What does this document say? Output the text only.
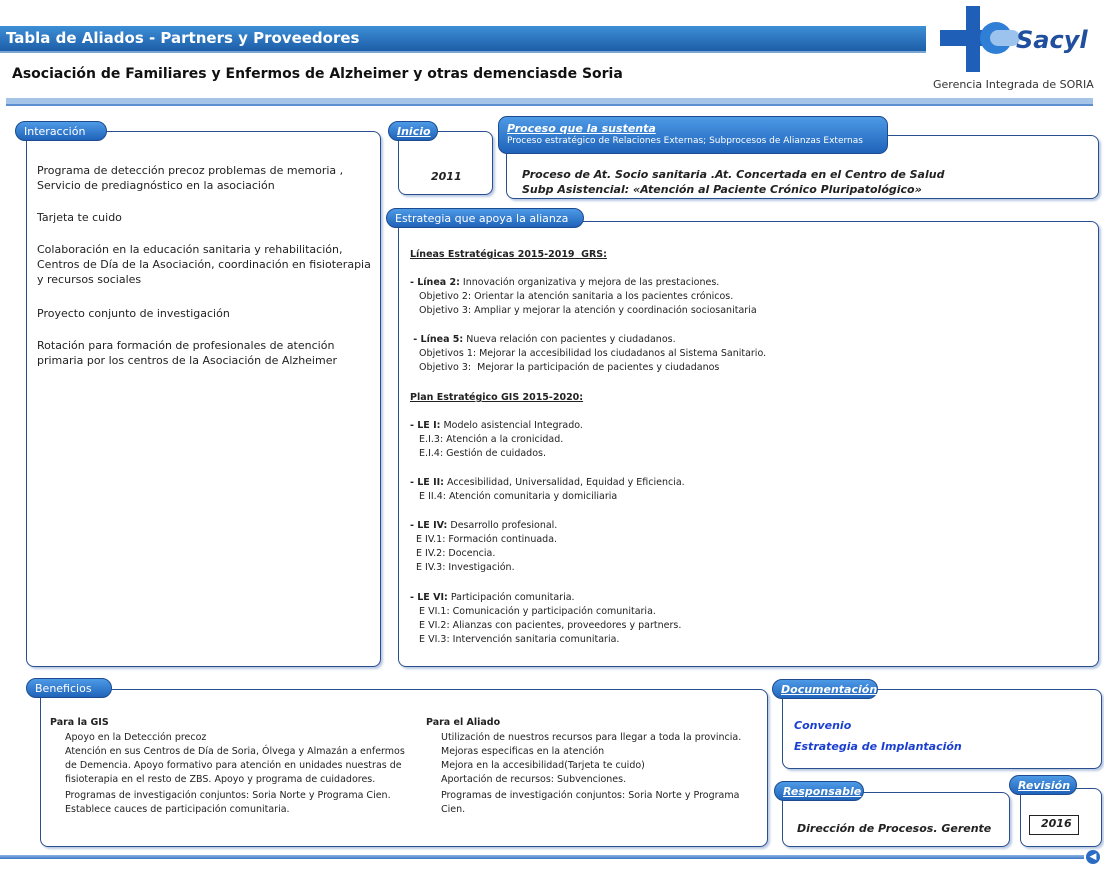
Tabla de Aliados - Partners y Proveedores
Asociación de Familiares y Enfermos de Alzheimer y otras demenciasde Soria
Sacyl
Gerencia Integrada de SORIA
Interacción
Programa de detección precoz problemas de memoria ,
Servicio de prediagnóstico en la asociación
Tarjeta te cuido
Colaboración en la educación sanitaria y rehabilitación,
Centros de Día de la Asociación, coordinación en fisioterapia
y recursos sociales
Proyecto conjunto de investigación
Rotación para formación de profesionales de atención
primaria por los centros de la Asociación de Alzheimer
Inicio
2011
Proceso que la sustenta
Proceso estratégico de Relaciones Externas; Subprocesos de Alianzas Externas
Proceso de At. Socio sanitaria .At. Concertada en el Centro de Salud
Subp Asistencial: «Atención al Paciente Crónico Pluripatológico»
Estrategia que apoya la alianza
Líneas Estratégicas 2015-2019  GRS:
- Línea 2: Innovación organizativa y mejora de las prestaciones.
Objetivo 2: Orientar la atención sanitaria a los pacientes crónicos.
Objetivo 3: Ampliar y mejorar la atención y coordinación sociosanitaria
- Línea 5: Nueva relación con pacientes y ciudadanos.
Objetivos 1: Mejorar la accesibilidad los ciudadanos al Sistema Sanitario.
Objetivo 3:  Mejorar la participación de pacientes y ciudadanos
Plan Estratégico GIS 2015-2020:
- LE I: Modelo asistencial Integrado.
E.I.3: Atención a la cronicidad.
E.I.4: Gestión de cuidados.
- LE II: Accesibilidad, Universalidad, Equidad y Eficiencia.
E II.4: Atención comunitaria y domiciliaria
- LE IV: Desarrollo profesional.
E IV.1: Formación continuada.
E IV.2: Docencia.
E IV.3: Investigación.
- LE VI: Participación comunitaria.
E VI.1: Comunicación y participación comunitaria.
E VI.2: Alianzas con pacientes, proveedores y partners.
E VI.3: Intervención sanitaria comunitaria.
Beneficios
Para la GIS
Apoyo en la Detección precoz
Atención en sus Centros de Día de Soria, Ólvega y Almazán a enfermos
de Demencia. Apoyo formativo para atención en unidades nuestras de
fisioterapia en el resto de ZBS. Apoyo y programa de cuidadores.
Programas de investigación conjuntos: Soria Norte y Programa Cien.
Establece cauces de participación comunitaria.
Para el Aliado
Utilización de nuestros recursos para llegar a toda la provincia.
Mejoras especificas en la atención
Mejora en la accesibilidad(Tarjeta te cuido)
Aportación de recursos: Subvenciones.
Programas de investigación conjuntos: Soria Norte y Programa
Cien.
Documentación
Convenio
Estrategia de Implantación
Responsable
Dirección de Procesos. Gerente
Revisión
2016
◀
